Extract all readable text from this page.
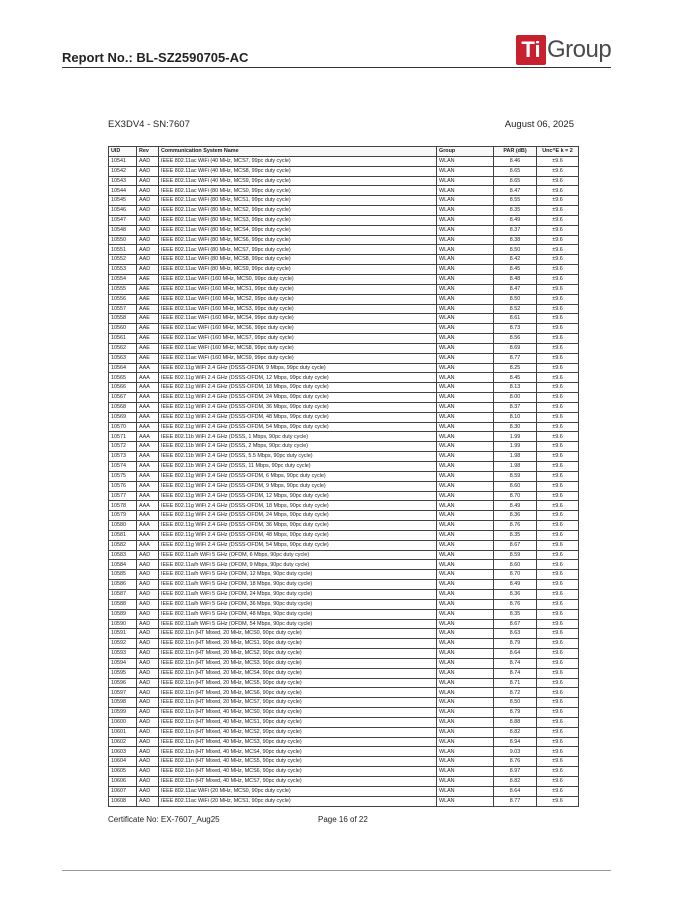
Report No.: BL-SZ2590705-AC	Ti Group
EX3DV4 - SN:7607	August 06, 2025
UID	Rev	Communication System Name	Group	PAR (dB)	Unc^E k = 2
10541	AAD	IEEE 802.11ac WiFi (40 MHz, MCS7, 99pc duty cycle)	WLAN	8.46	±9.6
10542	AAD	IEEE 802.11ac WiFi (40 MHz, MCS8, 99pc duty cycle)	WLAN	8.65	±9.6
10543	AAD	IEEE 802.11ac WiFi (40 MHz, MCS9, 99pc duty cycle)	WLAN	8.65	±9.6
10544	AAD	IEEE 802.11ac WiFi (80 MHz, MCS0, 99pc duty cycle)	WLAN	8.47	±9.6
10545	AAD	IEEE 802.11ac WiFi (80 MHz, MCS1, 99pc duty cycle)	WLAN	8.55	±9.6
10546	AAD	IEEE 802.11ac WiFi (80 MHz, MCS2, 99pc duty cycle)	WLAN	8.35	±9.6
10547	AAD	IEEE 802.11ac WiFi (80 MHz, MCS3, 99pc duty cycle)	WLAN	8.49	±9.6
10548	AAD	IEEE 802.11ac WiFi (80 MHz, MCS4, 99pc duty cycle)	WLAN	8.37	±9.6
10550	AAD	IEEE 802.11ac WiFi (80 MHz, MCS6, 99pc duty cycle)	WLAN	8.38	±9.6
10551	AAD	IEEE 802.11ac WiFi (80 MHz, MCS7, 99pc duty cycle)	WLAN	8.50	±9.6
10552	AAD	IEEE 802.11ac WiFi (80 MHz, MCS8, 99pc duty cycle)	WLAN	8.42	±9.6
10553	AAD	IEEE 802.11ac WiFi (80 MHz, MCS9, 99pc duty cycle)	WLAN	8.45	±9.6
10554	AAE	IEEE 802.11ac WiFi (160 MHz, MCS0, 99pc duty cycle)	WLAN	8.48	±9.6
10555	AAE	IEEE 802.11ac WiFi (160 MHz, MCS1, 99pc duty cycle)	WLAN	8.47	±9.6
10556	AAE	IEEE 802.11ac WiFi (160 MHz, MCS2, 99pc duty cycle)	WLAN	8.50	±9.6
10557	AAE	IEEE 802.11ac WiFi (160 MHz, MCS3, 99pc duty cycle)	WLAN	8.52	±9.6
10558	AAE	IEEE 802.11ac WiFi (160 MHz, MCS4, 99pc duty cycle)	WLAN	8.61	±9.6
10560	AAE	IEEE 802.11ac WiFi (160 MHz, MCS6, 99pc duty cycle)	WLAN	8.73	±9.6
10561	AAE	IEEE 802.11ac WiFi (160 MHz, MCS7, 99pc duty cycle)	WLAN	8.56	±9.6
10562	AAE	IEEE 802.11ac WiFi (160 MHz, MCS8, 99pc duty cycle)	WLAN	8.69	±9.6
10563	AAE	IEEE 802.11ac WiFi (160 MHz, MCS9, 99pc duty cycle)	WLAN	8.77	±9.6
10564	AAA	IEEE 802.11g WiFi 2.4 GHz (DSSS-OFDM, 9 Mbps, 99pc duty cycle)	WLAN	8.25	±9.6
10565	AAA	IEEE 802.11g WiFi 2.4 GHz (DSSS-OFDM, 12 Mbps, 99pc duty cycle)	WLAN	8.45	±9.6
10566	AAA	IEEE 802.11g WiFi 2.4 GHz (DSSS-OFDM, 18 Mbps, 99pc duty cycle)	WLAN	8.13	±9.6
10567	AAA	IEEE 802.11g WiFi 2.4 GHz (DSSS-OFDM, 24 Mbps, 99pc duty cycle)	WLAN	8.00	±9.6
10568	AAA	IEEE 802.11g WiFi 2.4 GHz (DSSS-OFDM, 36 Mbps, 99pc duty cycle)	WLAN	8.37	±9.6
10569	AAA	IEEE 802.11g WiFi 2.4 GHz (DSSS-OFDM, 48 Mbps, 99pc duty cycle)	WLAN	8.10	±9.6
10570	AAA	IEEE 802.11g WiFi 2.4 GHz (DSSS-OFDM, 54 Mbps, 99pc duty cycle)	WLAN	8.30	±9.6
10571	AAA	IEEE 802.11b WiFi 2.4 GHz (DSSS, 1 Mbps, 90pc duty cycle)	WLAN	1.99	±9.6
10572	AAA	IEEE 802.11b WiFi 2.4 GHz (DSSS, 2 Mbps, 90pc duty cycle)	WLAN	1.99	±9.6
10573	AAA	IEEE 802.11b WiFi 2.4 GHz (DSSS, 5.5 Mbps, 90pc duty cycle)	WLAN	1.98	±9.6
10574	AAA	IEEE 802.11b WiFi 2.4 GHz (DSSS, 11 Mbps, 90pc duty cycle)	WLAN	1.98	±9.6
10575	AAA	IEEE 802.11g WiFi 2.4 GHz (DSSS-OFDM, 6 Mbps, 90pc duty cycle)	WLAN	8.59	±9.6
10576	AAA	IEEE 802.11g WiFi 2.4 GHz (DSSS-OFDM, 9 Mbps, 90pc duty cycle)	WLAN	8.60	±9.6
10577	AAA	IEEE 802.11g WiFi 2.4 GHz (DSSS-OFDM, 12 Mbps, 90pc duty cycle)	WLAN	8.70	±9.6
10578	AAA	IEEE 802.11g WiFi 2.4 GHz (DSSS-OFDM, 18 Mbps, 90pc duty cycle)	WLAN	8.49	±9.6
10579	AAA	IEEE 802.11g WiFi 2.4 GHz (DSSS-OFDM, 24 Mbps, 90pc duty cycle)	WLAN	8.36	±9.6
10580	AAA	IEEE 802.11g WiFi 2.4 GHz (DSSS-OFDM, 36 Mbps, 90pc duty cycle)	WLAN	8.76	±9.6
10581	AAA	IEEE 802.11g WiFi 2.4 GHz (DSSS-OFDM, 48 Mbps, 90pc duty cycle)	WLAN	8.35	±9.6
10582	AAA	IEEE 802.11g WiFi 2.4 GHz (DSSS-OFDM, 54 Mbps, 90pc duty cycle)	WLAN	8.67	±9.6
10583	AAD	IEEE 802.11a/h WiFi 5 GHz (OFDM, 6 Mbps, 90pc duty cycle)	WLAN	8.59	±9.6
10584	AAD	IEEE 802.11a/h WiFi 5 GHz (OFDM, 9 Mbps, 90pc duty cycle)	WLAN	8.60	±9.6
10585	AAD	IEEE 802.11a/h WiFi 5 GHz (OFDM, 12 Mbps, 90pc duty cycle)	WLAN	8.70	±9.6
10586	AAD	IEEE 802.11a/h WiFi 5 GHz (OFDM, 18 Mbps, 90pc duty cycle)	WLAN	8.49	±9.6
10587	AAD	IEEE 802.11a/h WiFi 5 GHz (OFDM, 24 Mbps, 90pc duty cycle)	WLAN	8.36	±9.6
10588	AAD	IEEE 802.11a/h WiFi 5 GHz (OFDM, 36 Mbps, 90pc duty cycle)	WLAN	8.76	±9.6
10589	AAD	IEEE 802.11a/h WiFi 5 GHz (OFDM, 48 Mbps, 90pc duty cycle)	WLAN	8.35	±9.6
10590	AAD	IEEE 802.11a/h WiFi 5 GHz (OFDM, 54 Mbps, 90pc duty cycle)	WLAN	8.67	±9.6
10591	AAD	IEEE 802.11n (HT Mixed, 20 MHz, MCS0, 90pc duty cycle)	WLAN	8.63	±9.6
10592	AAD	IEEE 802.11n (HT Mixed, 20 MHz, MCS1, 90pc duty cycle)	WLAN	8.79	±9.6
10593	AAD	IEEE 802.11n (HT Mixed, 20 MHz, MCS2, 90pc duty cycle)	WLAN	8.64	±9.6
10594	AAD	IEEE 802.11n (HT Mixed, 20 MHz, MCS3, 90pc duty cycle)	WLAN	8.74	±9.6
10595	AAD	IEEE 802.11n (HT Mixed, 20 MHz, MCS4, 90pc duty cycle)	WLAN	8.74	±9.6
10596	AAD	IEEE 802.11n (HT Mixed, 20 MHz, MCS5, 90pc duty cycle)	WLAN	8.71	±9.6
10597	AAD	IEEE 802.11n (HT Mixed, 20 MHz, MCS6, 90pc duty cycle)	WLAN	8.72	±9.6
10598	AAD	IEEE 802.11n (HT Mixed, 20 MHz, MCS7, 90pc duty cycle)	WLAN	8.50	±9.6
10599	AAD	IEEE 802.11n (HT Mixed, 40 MHz, MCS0, 90pc duty cycle)	WLAN	8.79	±9.6
10600	AAD	IEEE 802.11n (HT Mixed, 40 MHz, MCS1, 90pc duty cycle)	WLAN	8.88	±9.6
10601	AAD	IEEE 802.11n (HT Mixed, 40 MHz, MCS2, 90pc duty cycle)	WLAN	8.82	±9.6
10602	AAD	IEEE 802.11n (HT Mixed, 40 MHz, MCS3, 90pc duty cycle)	WLAN	8.94	±9.6
10603	AAD	IEEE 802.11n (HT Mixed, 40 MHz, MCS4, 90pc duty cycle)	WLAN	9.03	±9.6
10604	AAD	IEEE 802.11n (HT Mixed, 40 MHz, MCS5, 90pc duty cycle)	WLAN	8.76	±9.6
10605	AAD	IEEE 802.11n (HT Mixed, 40 MHz, MCS6, 90pc duty cycle)	WLAN	8.97	±9.6
10606	AAD	IEEE 802.11n (HT Mixed, 40 MHz, MCS7, 90pc duty cycle)	WLAN	8.82	±9.6
10607	AAD	IEEE 802.11ac WiFi (20 MHz, MCS0, 90pc duty cycle)	WLAN	8.64	±9.6
10608	AAD	IEEE 802.11ac WiFi (20 MHz, MCS1, 90pc duty cycle)	WLAN	8.77	±9.6
Certificate No: EX-7607_Aug25	Page 16 of 22
